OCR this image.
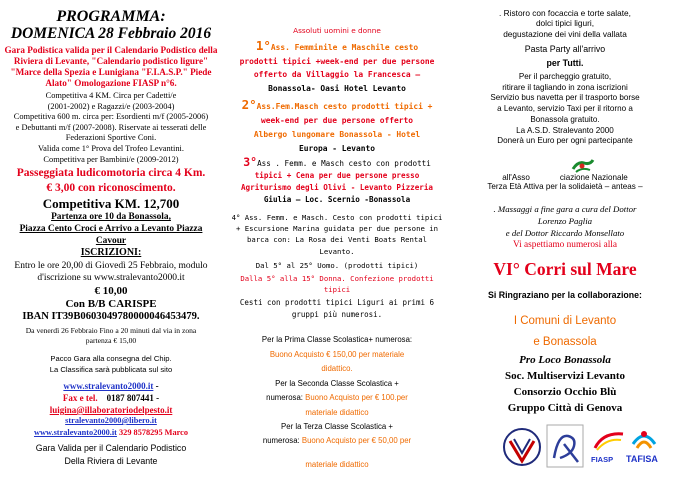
PROGRAMMA:

DOMENICA 28 Febbraio 2016

Gara Podistica valida per il Calendario Podistico della

Riviera di Levante, "Calendario podistico ligure"

"Marce della Spezia e Lunigiana "F.I.A.S.P." Piede

Alato" Omologazione FIASP n°6.

Competitiva 4 KM. Circa per Cadetti/e

(2001-2002) e Ragazzi/e (2003-2004)

Competitiva 600 m. circa per: Esordienti m/f (2005-2006)

e Debuttanti m/f (2007-2008). Riservate ai tesserati delle

Federazioni Sportive Coni.

Valida come 1° Prova del Trofeo Levantini.

Competitiva per Bambini/e (2009-2012)

Passeggiata ludicomotoria circa 4 Km.

€ 3,00 con riconoscimento.

Competitiva KM. 12,700

Partenza ore 10 da Bonassola,

Piazza Cento Croci e Arrivo a Levanto Piazza

Cavour

ISCRIZIONI:

Entro le ore 20,00 di Giovedì 25 Febbraio, modulo

d'iscrizione su www.stralevanto2000.it

€ 10,00

Con B/B CARISPE

IBAN IT39B0603049780000046453479.

Da venerdì 26 Febbraio Fino a 20 minuti dal via in zona

partenza € 15,00

Pacco Gara alla consegna del Chip.

La Classifica sarà pubblicata sul sito

www.stralevanto2000.it -

Fax e tel. 0187 807441 -

luigina@illaboratoriodelpesto.it

stralevanto2000@libero.it

www.stralevanto2000.it 329 8578295 Marco

Gara Valida per il Calendario Podistico

Della Riviera di Levante

Assoluti uomini e donne

1°Ass. Femminile e Maschile cesto

prodotti tipici +week-end per due persone

offerto da Villaggio la Francesca –

Bonassola- Oasi Hotel Levanto

2°Ass.Fem.Masch cesto prodotti tipici +

week-end per due persone offerto

Albergo lungomare Bonassola - Hotel

Europa - Levanto

3°Ass . Femm. e Masch cesto con prodotti

tipici + Cena per due persone presso

Agriturismo degli Olivi - Levanto Pizzeria

Giulia – Loc. Scernio -Bonassola

4° Ass. Femm. e Masch. Cesto con prodotti tipici

+ Escursione Marina guidata per due persone in

barca con: La Rosa dei Venti Boats Rental

Levanto.

Dal 5° al 25° Uomo. (prodotti tipici)

Dalla 5° alla 15° Donna. Confezione prodotti

tipici

Cesti con prodotti tipici Liguri ai primi 6

gruppi più numerosi.

Per la Prima Classe Scolastica+ numerosa:

Buono Acquisto € 150,00 per materiale

didattico.

Per la Seconda Classe Scolastica +

numerosa: Buono Acquisto per € 100.per

materiale didattico

Per la Terza Classe Scolastica +

numerosa: Buono Acquisto per € 50,00 per

materiale didattico

. Ristoro con focaccia e torte salate,

dolci tipici liguri,

degustazione dei vini della vallata

Pasta Party all'arrivo

per Tutti.

Per il parcheggio gratuito,

ritirare il tagliando in zona iscrizioni

Servizio bus navetta per il trasporto borse

a Levanto, servizio Taxi per il ritorno a

Bonassola gratuito.

La A.S.D. Stralevanto 2000

Donerà un Euro per ogni partecipante

all'Asso	ciazione Nazionale

Terza Età Attiva per la solidaietà – anteas –

. Massaggi a fine gara a cura del Dottor

Lorenzo Paglia

e del Dottor Riccardo Monsellato

Vi aspettiamo numerosi alla

VI° Corri sul Mare

Si Ringraziano per la collaborazione:

I Comuni di Levanto

e Bonassola

Pro Loco Bonassola

Soc. Multiservizi Levanto

Consorzio Occhio Blù

Gruppo Città di Genova

FIASP TAFISA
